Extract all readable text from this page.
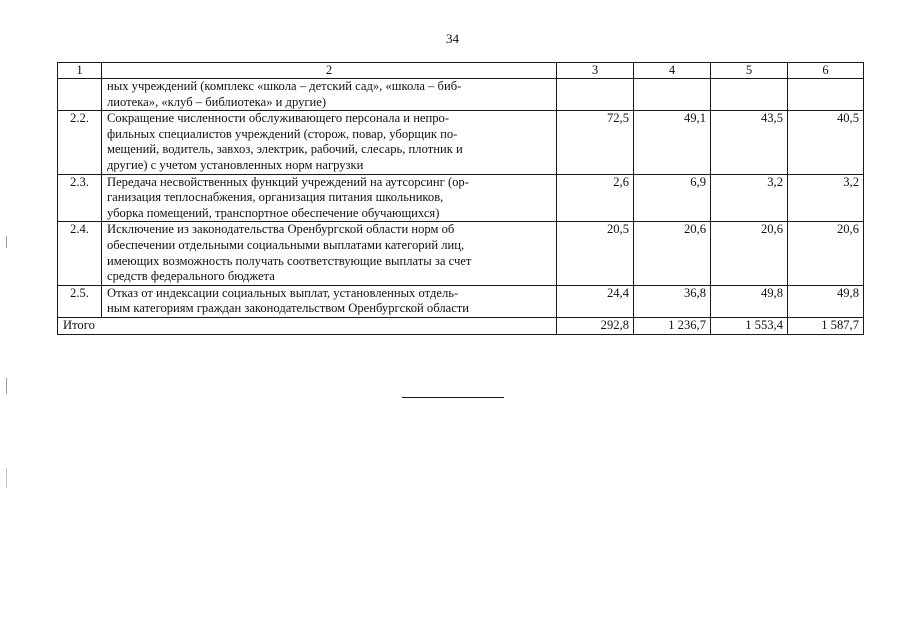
34
1	2	3	4	5	6

	ных учреждений (комплекс «школа – детский сад», «школа – биб-
лиотека», «клуб – библиотека» и другие)				

2.2.	Сокращение численности обслуживающего персонала и непро-
фильных специалистов учреждений (сторож, повар, уборщик по-
мещений, водитель, завхоз, электрик, рабочий, слесарь, плотник и
другие) с учетом установленных норм нагрузки	72,5	49,1	43,5	40,5
2.3.	Передача несвойственных функций учреждений на аутсорсинг (ор-
ганизация теплоснабжения, организация питания школьников,
уборка помещений, транспортное обеспечение обучающихся)	2,6	6,9	3,2	3,2
2.4.	Исключение из законодательства Оренбургской области норм об
обеспечении отдельными социальными выплатами категорий лиц,
имеющих возможность получать соответствующие выплаты за счет
средств федерального бюджета	20,5	20,6	20,6	20,6
2.5.	Отказ от индексации социальных выплат, установленных отдель-
ным категориям граждан законодательством Оренбургской области	24,4	36,8	49,8	49,8
Итого		292,8	1 236,7	1 553,4	1 587,7
